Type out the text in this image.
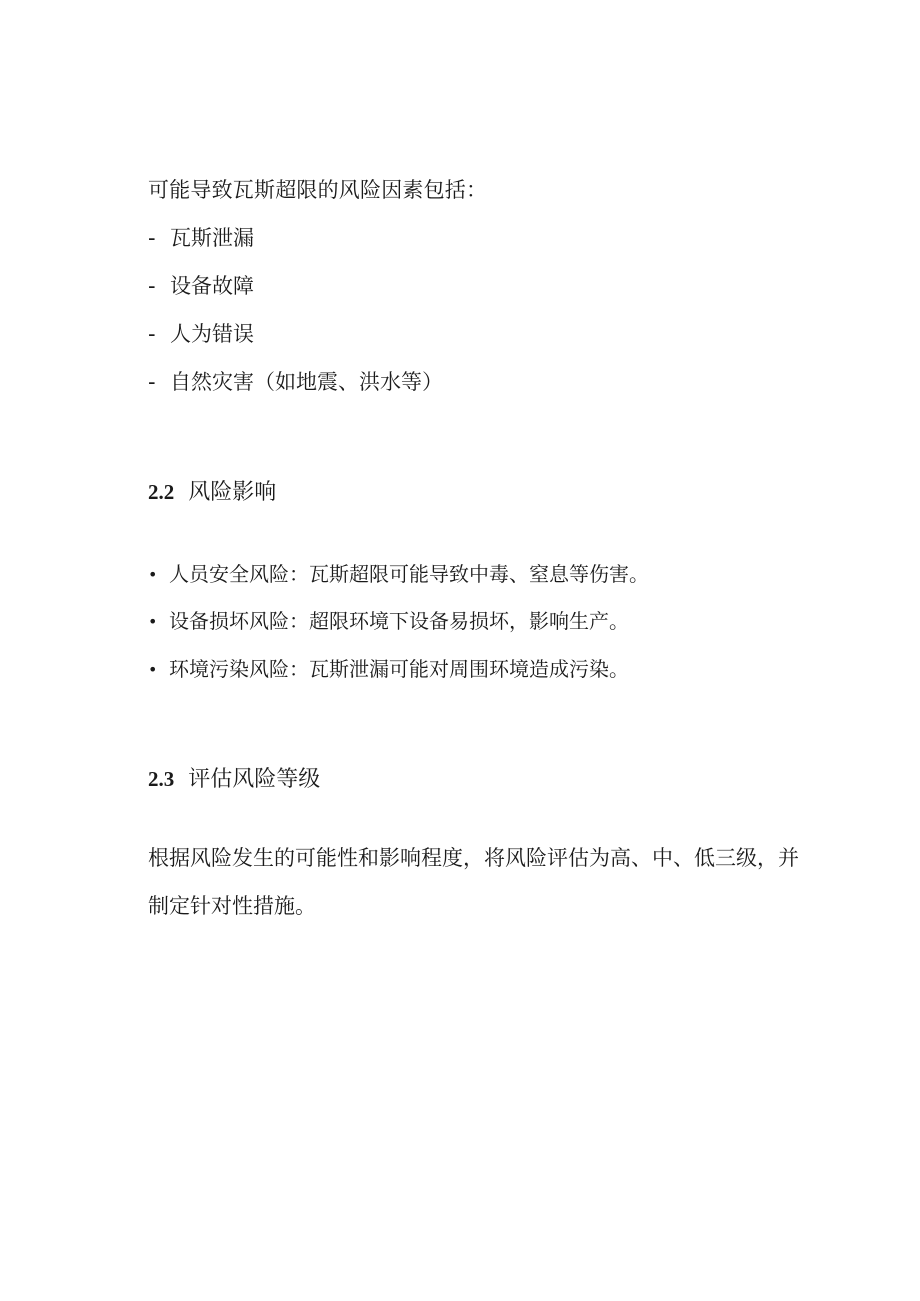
可能导致瓦斯超限的风险因素包括：
- 瓦斯泄漏
- 设备故障
- 人为错误
- 自然灾害（如地震、洪水等）
2.2 风险影响
• 人员安全风险：瓦斯超限可能导致中毒、窒息等伤害。
• 设备损坏风险：超限环境下设备易损坏，影响生产。
• 环境污染风险：瓦斯泄漏可能对周围环境造成污染。
2.3 评估风险等级
根据风险发生的可能性和影响程度，将风险评估为高、中、低三级，并
制定针对性措施。
